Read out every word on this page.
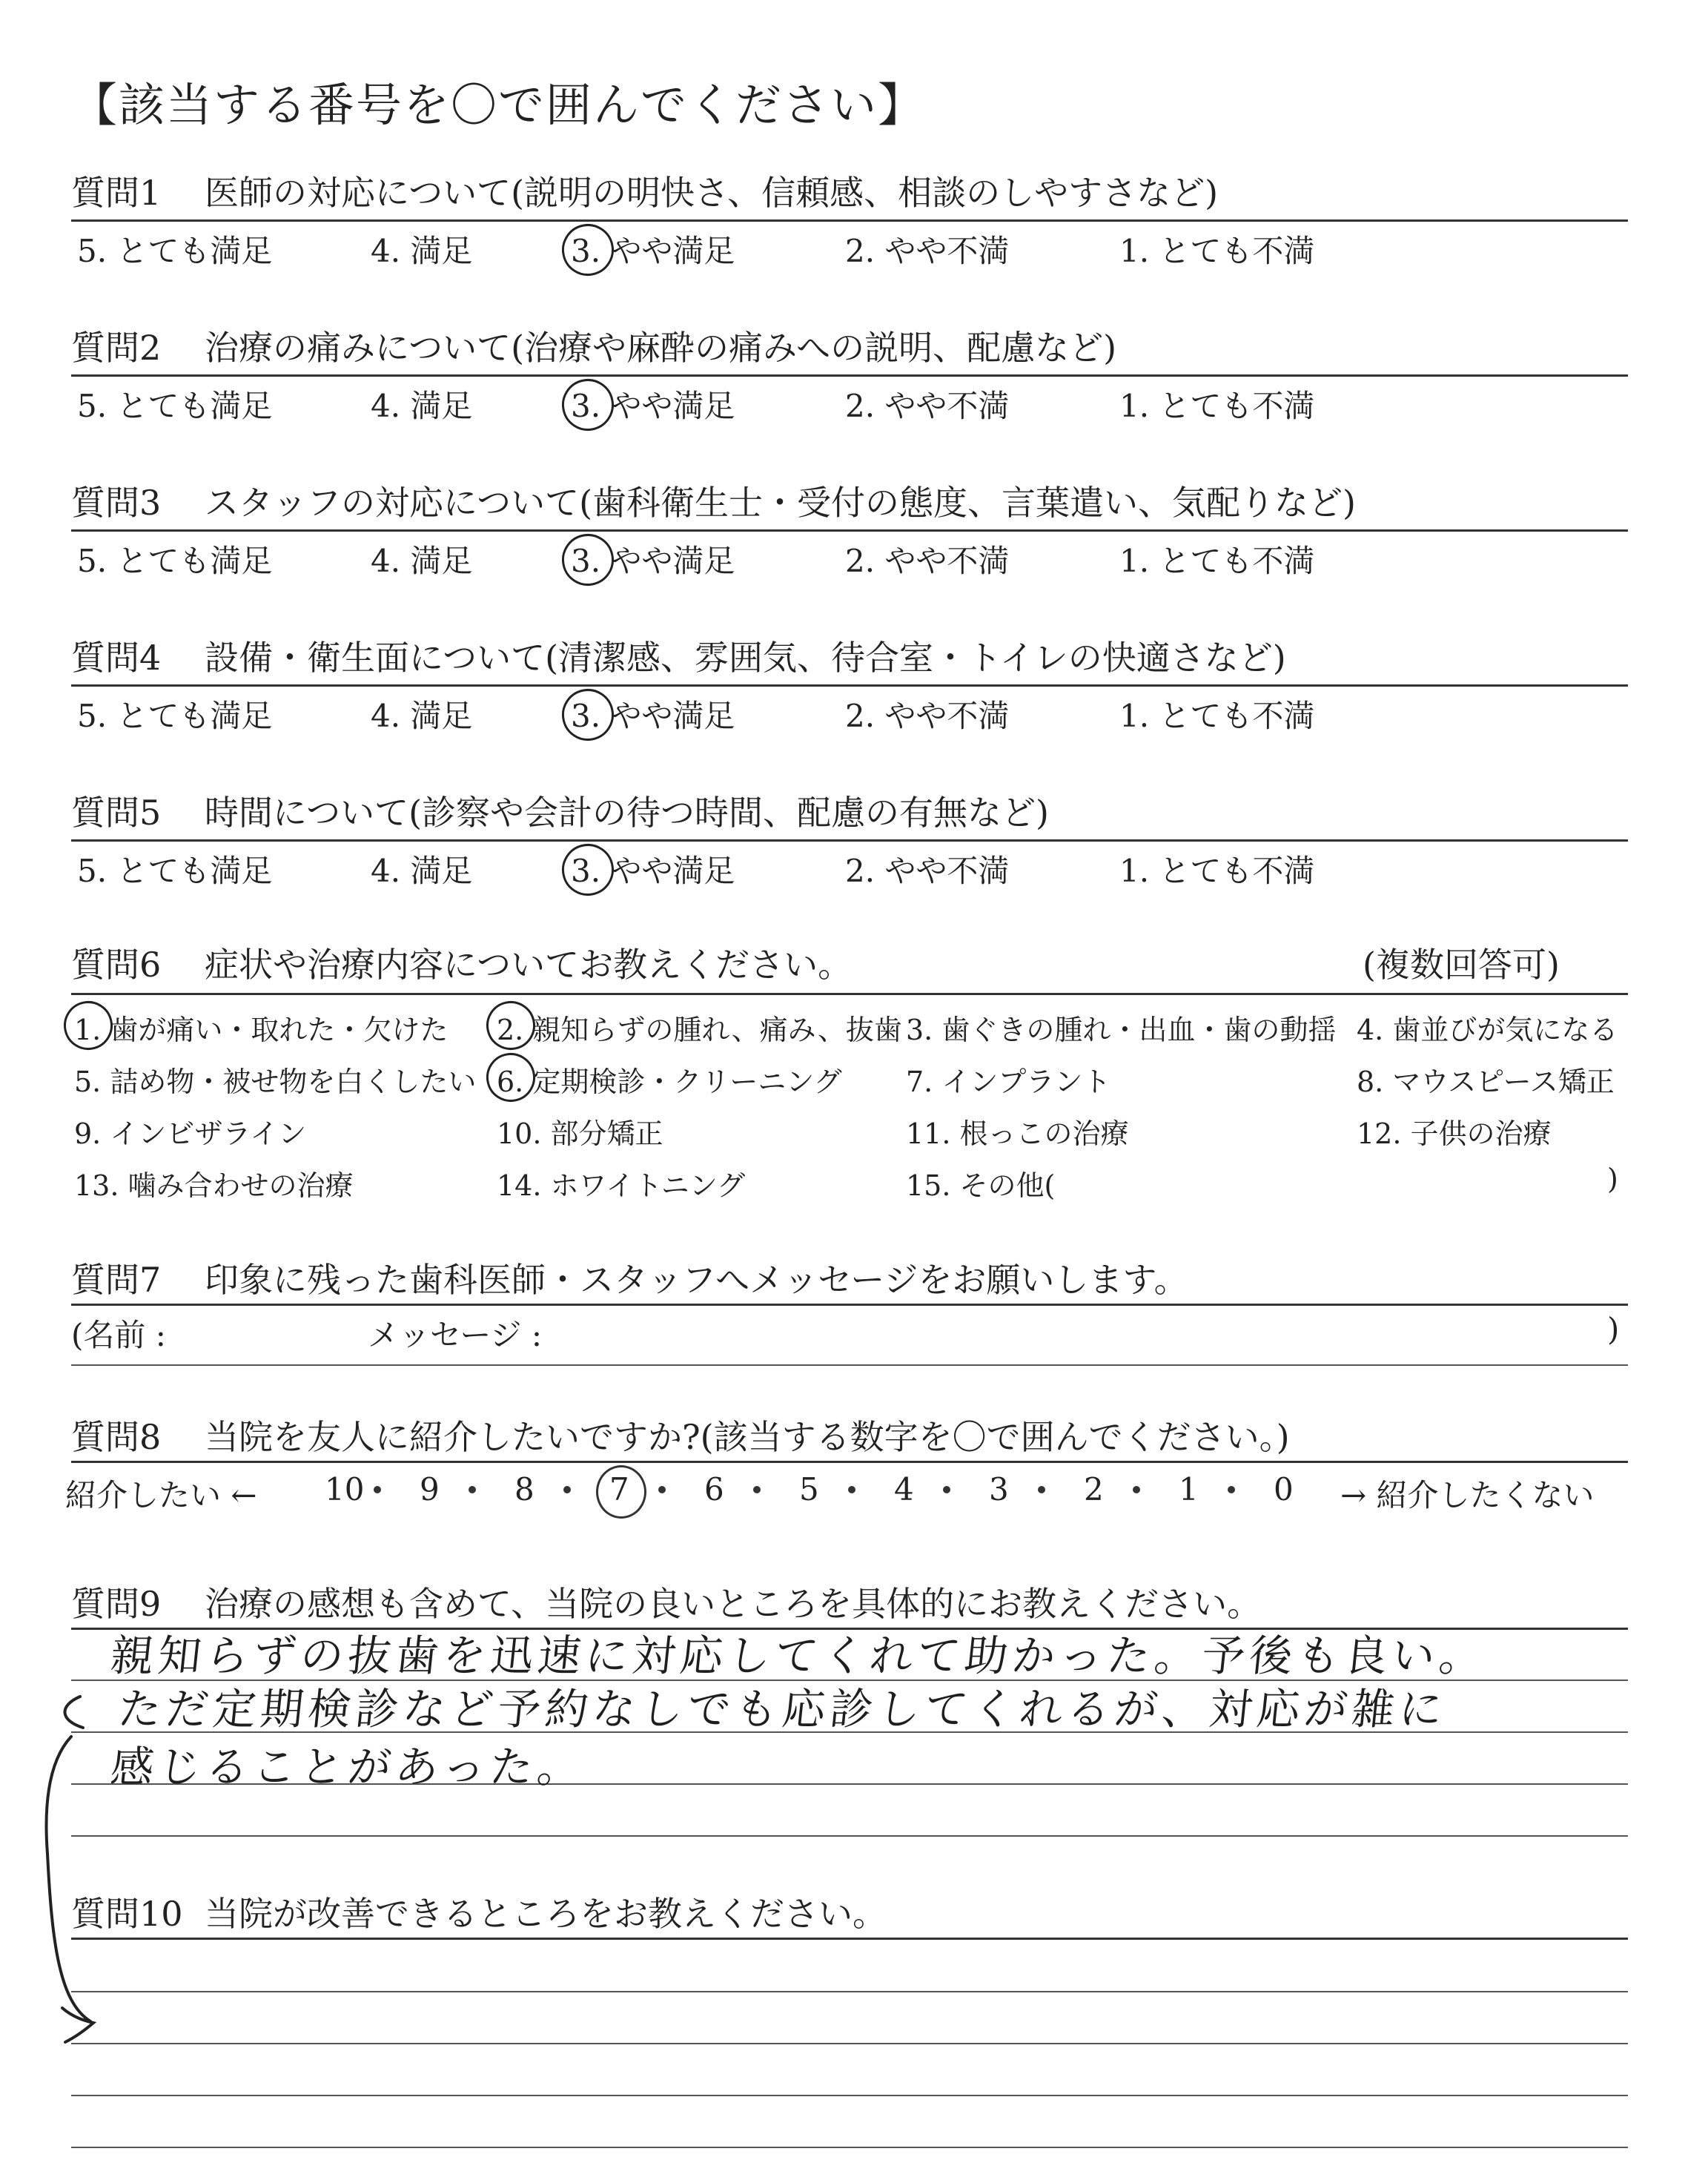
【該当する番号を〇で囲んでください】
質問1 医師の対応について(説明の明快さ、信頼感、相談のしやすさなど)
5. とても満足	4. 満足	3. やや満足	2. やや不満	1. とても不満
質問2 治療の痛みについて(治療や麻酔の痛みへの説明、配慮など)
5. とても満足	4. 満足	3. やや満足	2. やや不満	1. とても不満
質問3 スタッフの対応について(歯科衛生士・受付の態度、言葉遣い、気配りなど)
5. とても満足	4. 満足	3. やや満足	2. やや不満	1. とても不満
質問4 設備・衛生面について(清潔感、雰囲気、待合室・トイレの快適さなど)
5. とても満足	4. 満足	3. やや満足	2. やや不満	1. とても不満
質問5 時間について(診察や会計の待つ時間、配慮の有無など)
5. とても満足	4. 満足	3. やや満足	2. やや不満	1. とても不満
質問6 症状や治療内容についてお教えください。	(複数回答可)
1. 歯が痛い・取れた・欠けた 2. 親知らずの腫れ、痛み、抜歯 3. 歯ぐきの腫れ・出血・歯の動揺 4. 歯並びが気になる
5. 詰め物・被せ物を白くしたい 6. 定期検診・クリーニング 7. インプラント	8. マウスピース矯正
9. インビザライン	10. 部分矯正	11. 根っこの治療	12. 子供の治療
13. 噛み合わせの治療	14. ホワイトニング	15. その他(	)
質問7 印象に残った歯科医師・スタッフへメッセージをお願いします。
(名前 :	メッセージ :	)
質問8 当院を友人に紹介したいですか?(該当する数字を〇で囲んでください。)
紹介したい ←	→ 紹介したくない
10 9 8 7 6 5 4 3 2 1 0
質問9 治療の感想も含めて、当院の良いところを具体的にお教えください。
親知らずの抜歯を迅速に対応してくれて助かった。予後も良い。
ただ定期検診など予約なしでも応診してくれるが、対応が雑に
感じることがあった。
質問10 当院が改善できるところをお教えください。
